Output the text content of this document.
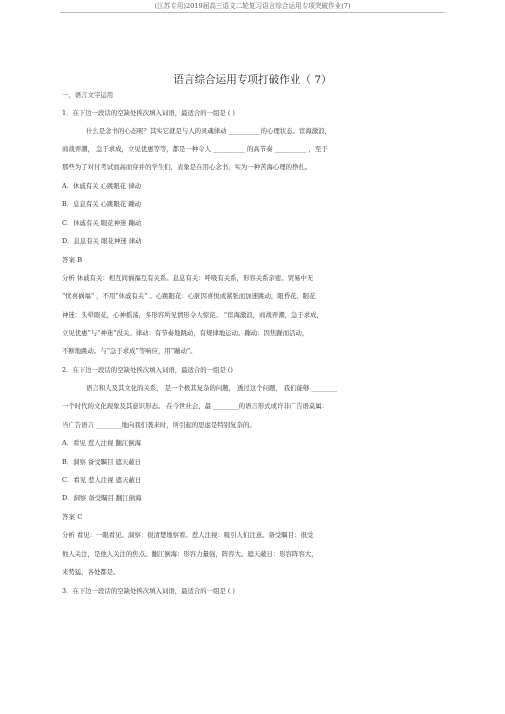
(江苏专用)2019届高三语文二轮复习语言综合运用专项突破作业(7)
语言综合运用专项打破作业（ 7）
一、语言文字运用
1．在下边一段话的空缺处挨次填入词语，最适合的一组是 ( )
什么是念书的心态呢？其实它就是与人的灵魂律动 __________的心理状态。宦海激浪，
商战弄潮， 急于求成，立见优惠等等，都是一种令人 __________ 的高节奏 __________ ，至于
那些为了对付考试而高而穿并的学生们，表象是在用心念书，实为一种苦海心理的挣扎。
A．休戚有关 心跳眼花 律动
B．息息有关 心跳眼花 蹦动
C．休戚有关 眼花神迷 蹦动
D．息息有关 眼花神迷 律动
答案 B
分析 休戚有关：相互间祸福互有关系。息息有关：呼吸有关系，形容关系亲密。贸易中无
“忧喜祸福” ，不用“休戚有关” 。心跳眼花：心脏因喜悦或紧张而加速跳动，眼昏花。眼花
神迷：头晕眼花，心神摇荡，多形容所见情形令人惊诧。 “宦海激浪，商战弄潮，急于求成，
立见优惠”与“神迷”没关。律动：有节奏地跳动，有规律地运动。蹦动：因焦躁而活动，
不断地跳动。与“急于求成”等响应，用“蹦动”。
2．在下边一段话的空缺处挨次填入词语，最适合的一组是 ()
语言和人及其文化的关系， 是一个极其复杂的问题， 透过这个问题， 我们能够 ________
一个时代的文化现象及其意识形态。 在今世社会，最 ________的语言形式或许非广告语莫属：
当广告语言 ________地向我们袭来时，所引起的思虑是特别复杂的。
A．看见 惹人注视 翻江倒海
B．洞察 备受瞩目 遮天蔽日
C．看见 惹人注视 遮天蔽日
D．洞察 备受瞩目 翻江倒海
答案 C
分析 看见：一眼看见。洞察：很清楚地察看。惹人注视：吸引人们注意。备受瞩目：很受
他人关注，是他人关注的焦点。翻江倒海：形容力量强，阵容大。遮天蔽日：形容阵容大，
来势猛，各处都是。
3．在下边一段话的空缺处挨次填入词语，最适合的一组是 ( )
